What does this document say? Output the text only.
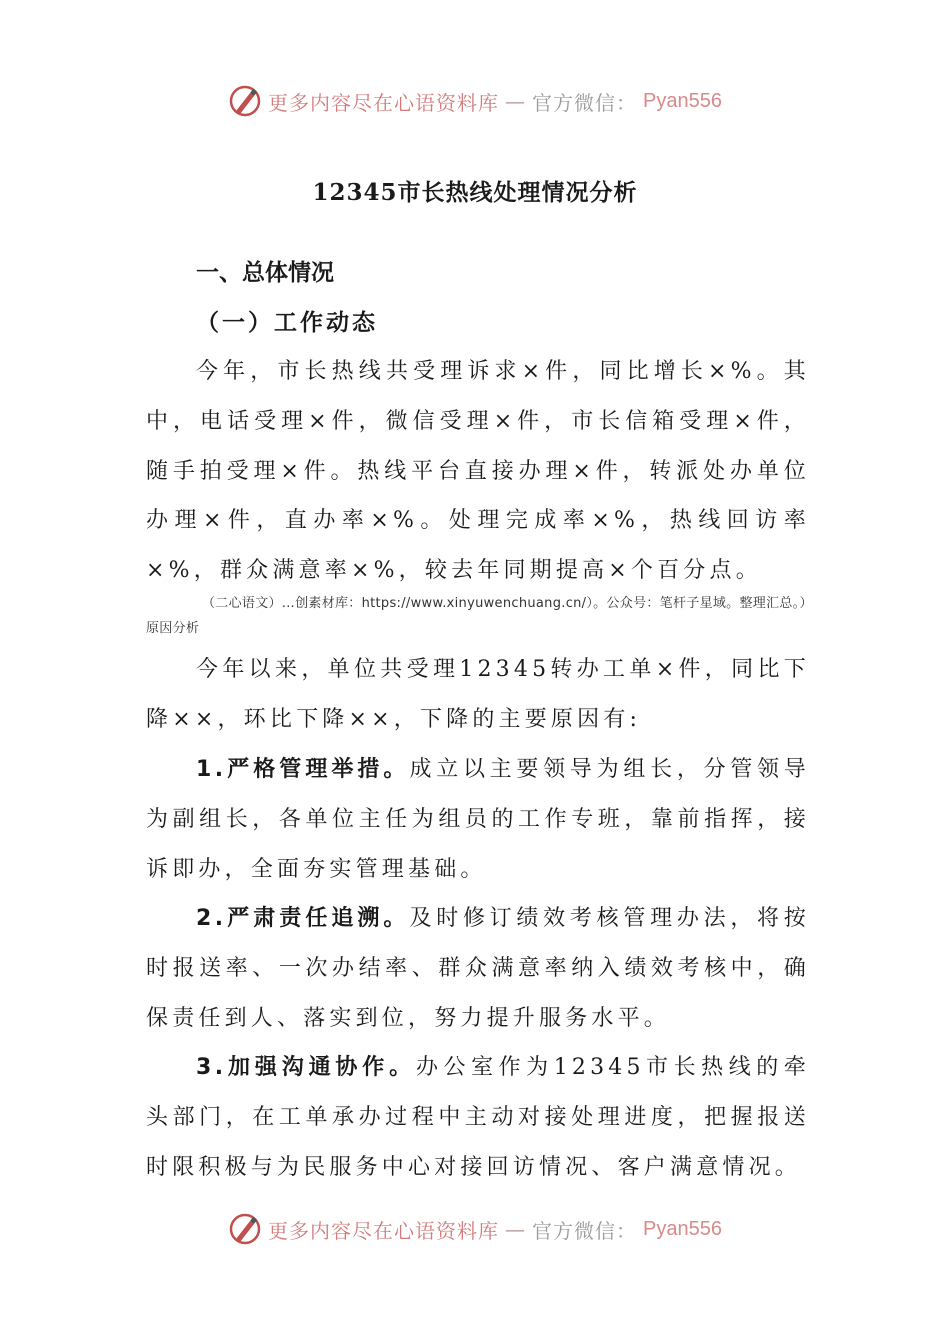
更多内容尽在心语资料库 — 官方微信： Pyan556
12345市长热线处理情况分析
一、总体情况
（一）工作动态

今年，市长热线共受理诉求×件，同比增长×%。其中，电话受理×件，微信受理×件，市长信箱受理×件，随手拍受理×件。热线平台直接办理×件，转派处办单位办理×件，直办率×%。处理完成率×%，热线回访率×%，群众满意率×%，较去年同期提高×个百分点。

（二心语文）…创素材库：https://www.xinyuwenchuang.cn/）。公众号：笔杆子星域。整理汇总。）原因分析

今年以来，单位共受理12345转办工单×件，同比下降××，环比下降××，下降的主要原因有:

1.严格管理举措。成立以主要领导为组长，分管领导为副组长，各单位主任为组员的工作专班，靠前指挥，接诉即办，全面夯实管理基础。

2.严肃责任追溯。及时修订绩效考核管理办法，将按时报送率、一次办结率、群众满意率纳入绩效考核中，确保责任到人、落实到位，努力提升服务水平。

3.加强沟通协作。办公室作为12345市长热线的牵头部门，在工单承办过程中主动对接处理进度，把握报送时限积极与为民服务中心对接回访情况、客户满意情况。

更多内容尽在心语资料库 — 官方微信： Pyan556
